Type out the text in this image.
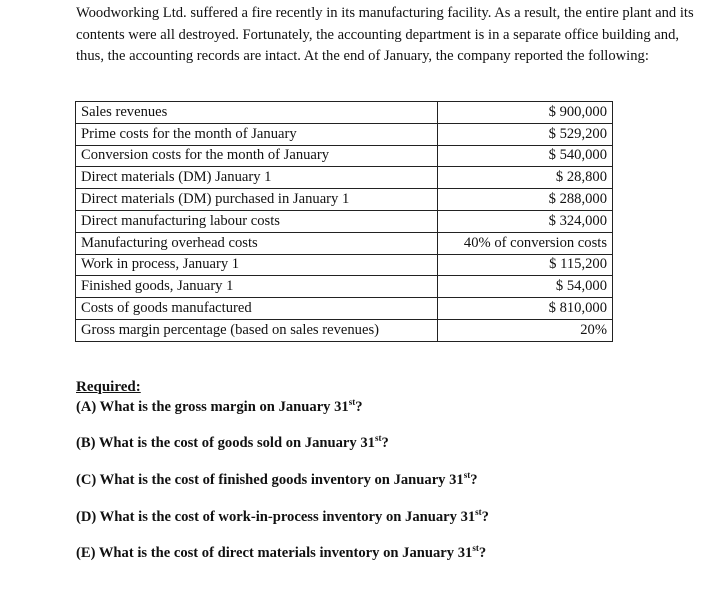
Woodworking Ltd. suffered a fire recently in its manufacturing facility. As a result, the entire plant and its contents were all destroyed. Fortunately, the accounting department is in a separate office building and, thus, the accounting records are intact. At the end of January, the company reported the following:

Sales revenues	$ 900,000
Prime costs for the month of January	$ 529,200
Conversion costs for the month of January	$ 540,000
Direct materials (DM) January 1	$ 28,800
Direct materials (DM) purchased in January 1	$ 288,000
Direct manufacturing labour costs	$ 324,000
Manufacturing overhead costs	40% of conversion costs
Work in process, January 1	$ 115,200
Finished goods, January 1	$ 54,000
Costs of goods manufactured	$ 810,000
Gross margin percentage (based on sales revenues)	20%

Required:

(A) What is the gross margin on January 31st?

(B) What is the cost of goods sold on January 31st?

(C) What is the cost of finished goods inventory on January 31st?

(D) What is the cost of work-in-process inventory on January 31st?

(E) What is the cost of direct materials inventory on January 31st?
